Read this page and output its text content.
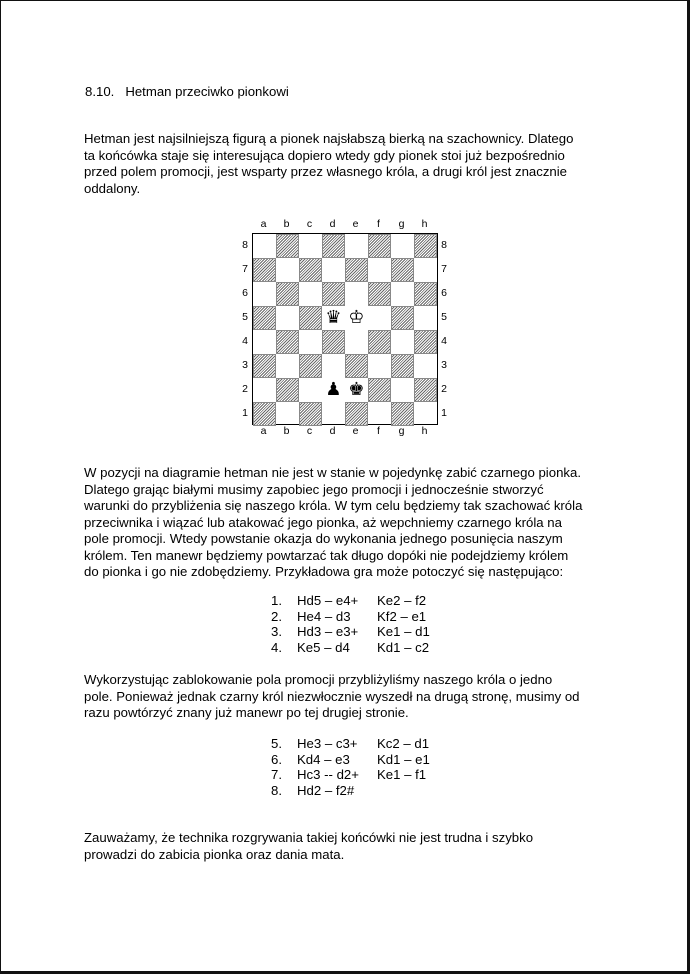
8.10.   Hetman przeciwko pionkowi
Hetman jest najsilniejszą figurą a pionek najsłabszą bierką na szachownicy. Dlatego
ta końcówka staje się interesująca dopiero wtedy gdy pionek stoi już bezpośrednio
przed polem promocji, jest wsparty przez własnego króla, a drugi król jest znacznie
oddalony.
♛ ♔
♟ ♚
a
a
b
b
c
c
d
d
e
e
f
f
g
g
h
h
8	8
7	7
6	6
5	5
4	4
3	3
2	2
1	1
W pozycji na diagramie hetman nie jest w stanie w pojedynkę zabić czarnego pionka.
Dlatego grając białymi musimy zapobiec jego promocji i jednocześnie stworzyć
warunki do przybliżenia się naszego króla. W tym celu będziemy tak szachować króla
przeciwnika i wiązać lub atakować jego pionka, aż wepchniemy czarnego króla na
pole promocji. Wtedy powstanie okazja do wykonania jednego posunięcia naszym
królem. Ten manewr będziemy powtarzać tak długo dopóki nie podejdziemy królem
do pionka i go nie zdobędziemy. Przykładowa gra może potoczyć się następująco:
1.	Hd5 – e4+	Ke2 – f2
2.	He4 – d3	Kf2 – e1
3.	Hd3 – e3+	Ke1 – d1
4.	Ke5 – d4	Kd1 – c2
Wykorzystując zablokowanie pola promocji przybliżyliśmy naszego króla o jedno
pole. Ponieważ jednak czarny król niezwłocznie wyszedł na drugą stronę, musimy od
razu powtórzyć znany już manewr po tej drugiej stronie.
5.	He3 – c3+	Kc2 – d1
6.	Kd4 – e3	Kd1 – e1
7.	Hc3 -- d2+	Ke1 – f1
8.	Hd2 – f2#
Zauważamy, że technika rozgrywania takiej końcówki nie jest trudna i szybko
prowadzi do zabicia pionka oraz dania mata.
